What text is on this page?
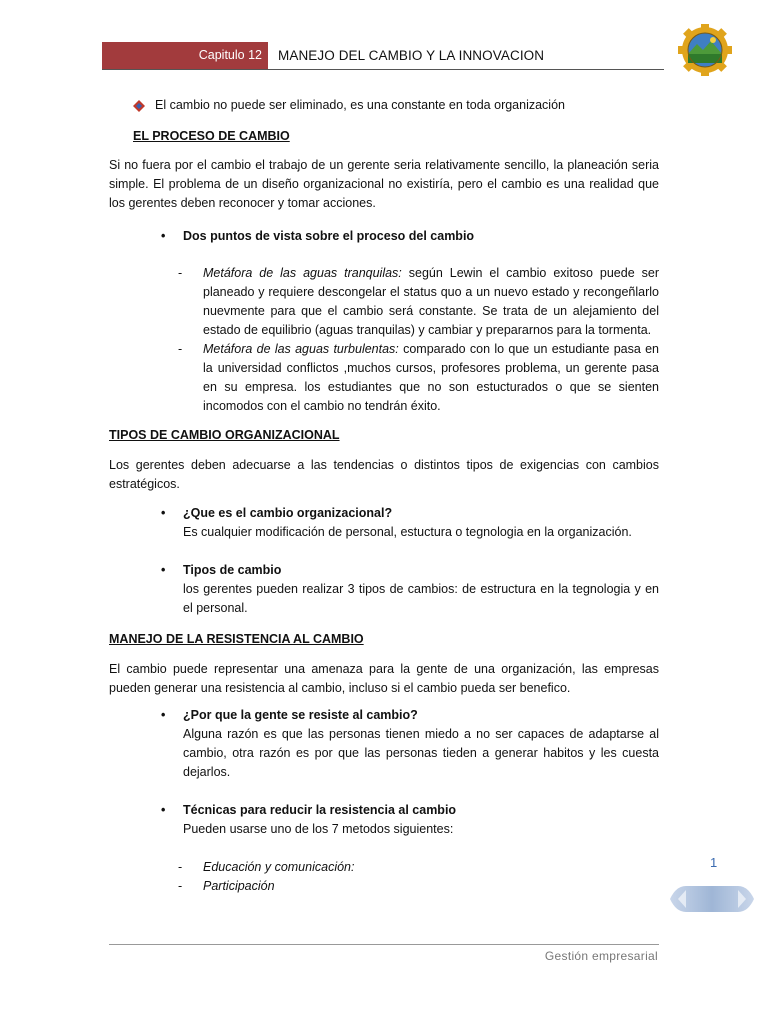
Capitulo 12 MANEJO DEL CAMBIO Y LA INNOVACION
El cambio no puede ser eliminado, es una constante en toda organización
EL PROCESO DE CAMBIO
Si no fuera por el cambio el trabajo de un gerente seria relativamente sencillo, la planeación seria simple. El problema de un diseño organizacional no existiría, pero el cambio es una realidad que los gerentes deben reconocer y tomar acciones.
• Dos puntos de vista sobre el proceso del cambio
- Metáfora de las aguas tranquilas: según Lewin el cambio exitoso puede ser planeado y requiere descongelar el status quo a un nuevo estado y recongeñlarlo nuevmente para que el cambio será constante. Se trata de un alejamiento del estado de equilibrio (aguas tranquilas) y cambiar y prepararnos para la tormenta.
- Metáfora de las aguas turbulentas: comparado con lo que un estudiante pasa en la universidad conflictos ,muchos cursos, profesores problema, un gerente pasa en su empresa. los estudiantes que no son estucturados o que se sienten incomodos con el cambio no tendrán éxito.
TIPOS DE CAMBIO ORGANIZACIONAL
Los gerentes deben adecuarse a las tendencias o distintos tipos de exigencias con cambios estratégicos.
• ¿Que es el cambio organizacional?
Es cualquier modificación de personal, estuctura o tegnologia en la organización.
• Tipos de cambio
los gerentes pueden realizar 3 tipos de cambios: de estructura en la tegnologia y en el personal.
MANEJO DE LA RESISTENCIA AL CAMBIO
El cambio puede representar una amenaza para la gente de una organización, las empresas pueden generar una resistencia al cambio, incluso si el cambio pueda ser benefico.
• ¿Por que la gente se resiste al cambio?
Alguna razón es que las personas tienen miedo a no ser capaces de adaptarse al cambio, otra razón es por que las personas tieden a generar habitos y les cuesta dejarlos.
• Técnicas para reducir la resistencia al cambio
Pueden usarse uno de los 7 metodos siguientes:
- Educación y comunicación:
- Participación
1
Gestión empresarial
